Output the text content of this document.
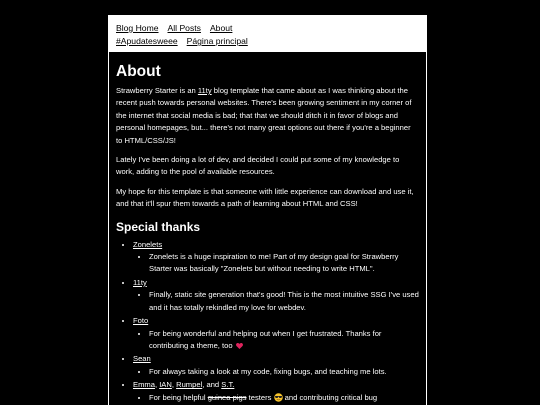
Blog Home All Posts About
#Apudatesweee Página principal
About

Strawberry Starter is an 11ty blog template that came about as I was thinking about the recent push towards personal websites. There's been growing sentiment in my corner of the internet that social media is bad; that that we should ditch it in favor of blogs and personal homepages, but... there's not many great options out there if you're a beginner to HTML/CSS/JS!

Lately I've been doing a lot of dev, and decided I could put some of my knowledge to work, adding to the pool of available resources.

My hope for this template is that someone with little experience can download and use it, and that it'll spur them towards a path of learning about HTML and CSS!

Special thanks
• Zonelets
• Zonelets is a huge inspiration to me! Part of my design goal for Strawberry Starter was basically "Zonelets but without needing to write HTML".
• 11ty
• Finally, static site generation that's good! This is the most intuitive SSG I've used and it has totally rekindled my love for webdev.
• Foto
• For being wonderful and helping out when I get frustrated. Thanks for contributing a theme, too
• Sean
• For always taking a look at my code, fixing bugs, and teaching me lots.
• Emma, IAN, Rumpel, and S.T.
• For being helpful guinea pigs testers  and contributing critical bug
